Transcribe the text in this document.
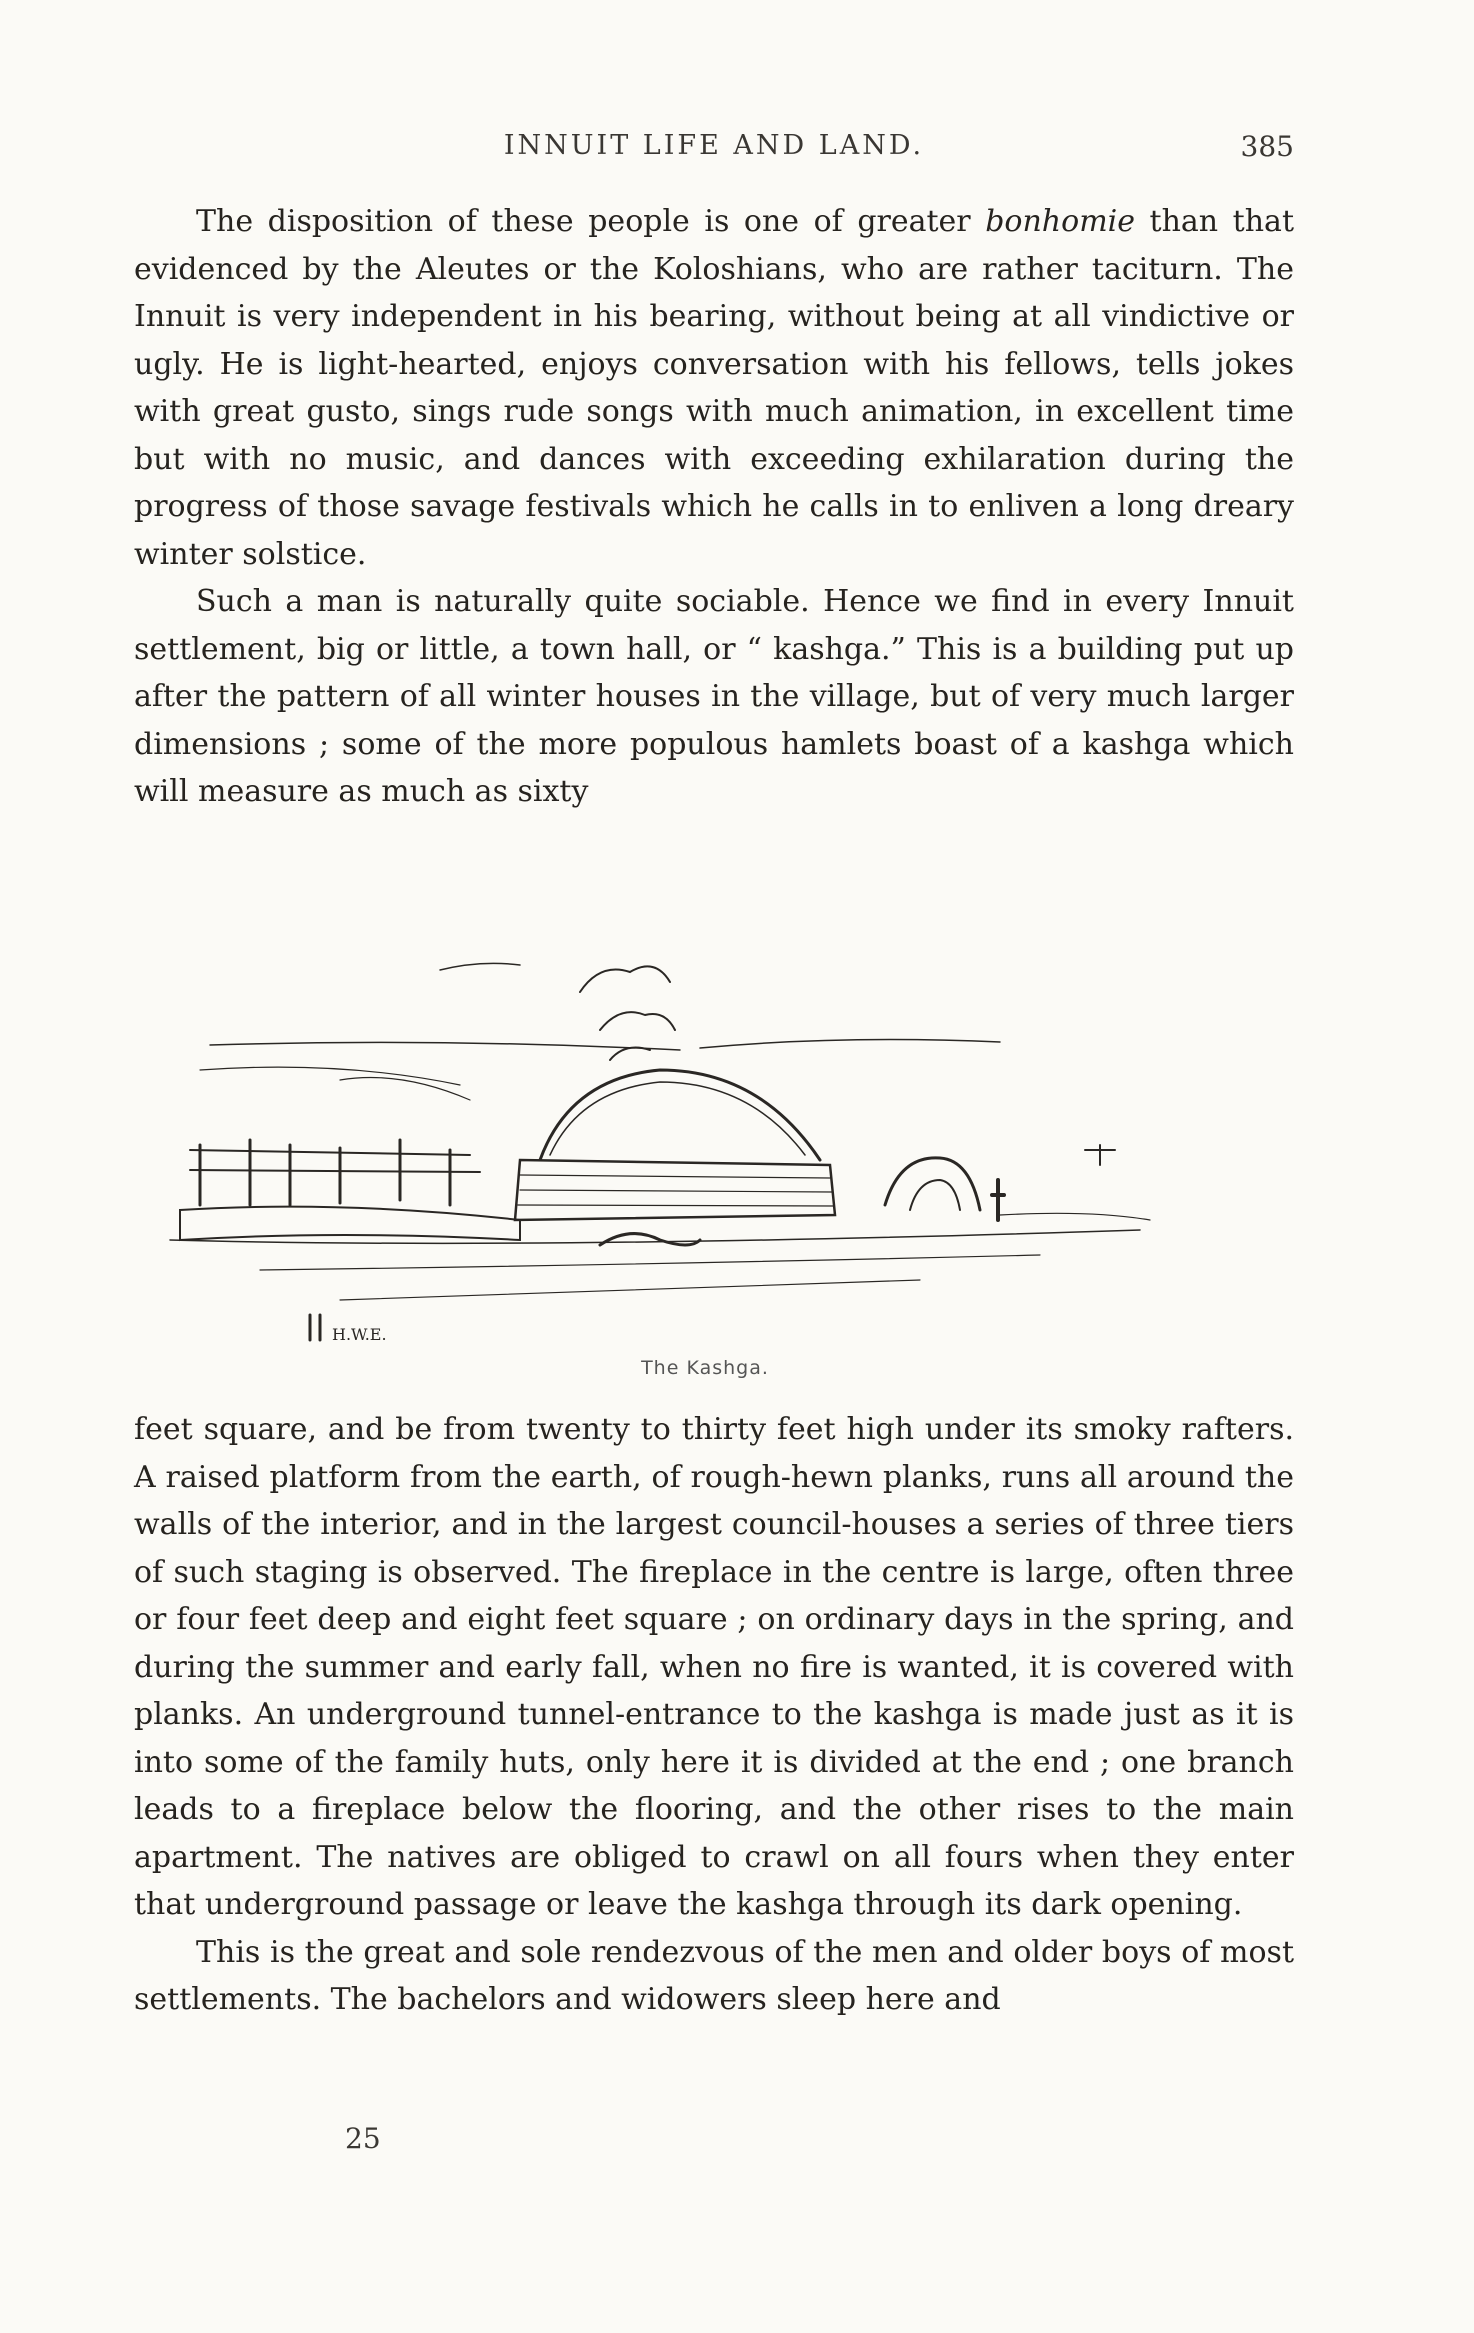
INNUIT LIFE AND LAND.	385

The disposition of these people is one of greater bonhomie than that evidenced by the Aleutes or the Koloshians, who are rather taciturn. The Innuit is very independent in his bearing, without being at all vindictive or ugly. He is light-hearted, enjoys conversation with his fellows, tells jokes with great gusto, sings rude songs with much animation, in excellent time but with no music, and dances with exceeding exhilaration during the progress of those savage festivals which he calls in to enliven a long dreary winter solstice.

Such a man is naturally quite sociable. Hence we find in every Innuit settlement, big or little, a town hall, or “ kashga.” This is a building put up after the pattern of all winter houses in the village, but of very much larger dimensions ; some of the more populous hamlets boast of a kashga which will measure as much as sixty

H.W.E.
The Kashga.

feet square, and be from twenty to thirty feet high under its smoky rafters. A raised platform from the earth, of rough-hewn planks, runs all around the walls of the interior, and in the largest council-houses a series of three tiers of such staging is observed. The fireplace in the centre is large, often three or four feet deep and eight feet square ; on ordinary days in the spring, and during the summer and early fall, when no fire is wanted, it is covered with planks. An underground tunnel-entrance to the kashga is made just as it is into some of the family huts, only here it is divided at the end ; one branch leads to a fireplace below the flooring, and the other rises to the main apartment. The natives are obliged to crawl on all fours when they enter that underground passage or leave the kashga through its dark opening.

This is the great and sole rendezvous of the men and older boys of most settlements. The bachelors and widowers sleep here and

25
